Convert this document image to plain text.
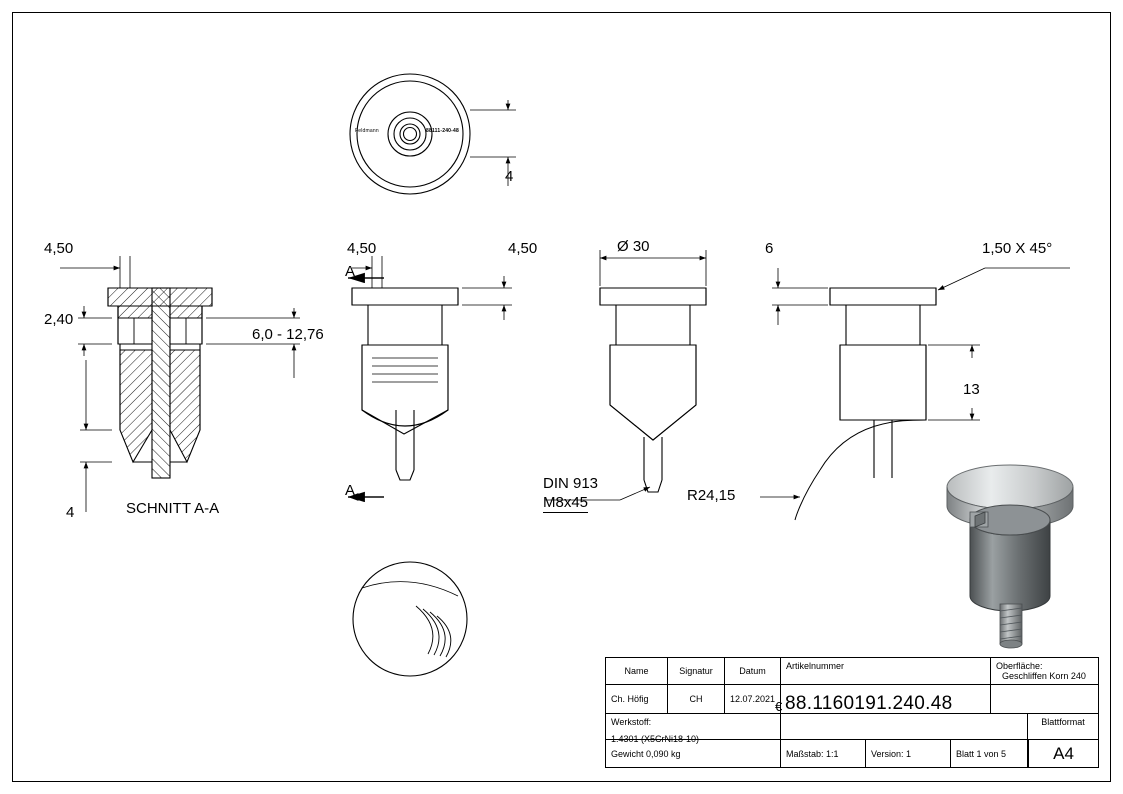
4
4,50
2,40
6,0 - 12,76
4	SCHNITT A-A
A
A
4,50	4,50	Ø 30
DIN 913
M8x45
6	1,50 X 45°
13
R24,15
Feldmann	88111-240-48
Name	Signatur	Datum	Artikelnummer	Oberfläche: Geschliffen Korn 240
Ch. Höfig	CH	12.07.2021 € 88.1160191.240.48
Werkstoff:
1.4301 (X5CrNi18-10)
Blattformat
Gewicht 0,090 kg	Maßstab: 1:1	Version: 1	Blatt 1 von 5	A4
